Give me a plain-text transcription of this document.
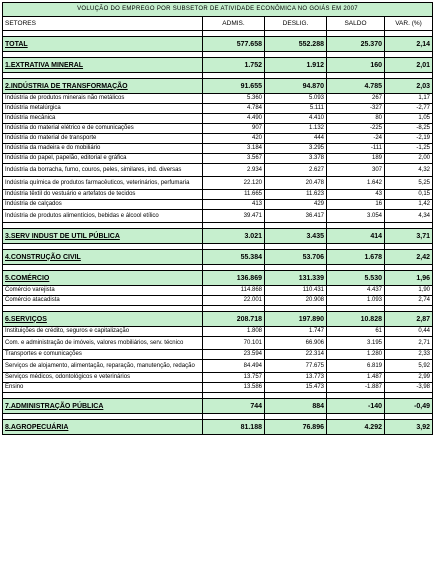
VOLUÇÃO DO EMPREGO POR SUBSETOR DE ATIVIDADE ECONÔMICA NO GOIÁS EM 2007				
SETORES	ADMIS.	DESLIG.	SALDO	VAR. (%)

TOTAL	577.658	552.288	25.370	2,14

1.EXTRATIVA MINERAL	1.752	1.912	160	2,01

2.INDÚSTRIA DE TRANSFORMAÇÃO	91.655	94.870	4.785	2,03
Indústria de produtos minerais não metálicos	5.360	5.093	267	1,17
Indústria metalúrgica	4.784	5.111	-327	-2,77
Indústria mecânica	4.490	4.410	80	1,05
Indústria do material elétrico e de comunicações	907	1.132	-225	-8,25
Indústria do material de transporte	420	444	-24	-2,19
Indústria da madeira e do mobiliário	3.184	3.295	-111	-1,25
Indústria do papel, papelão, editorial e gráfica	3.567	3.378	189	2,00
Indústria da borracha, fumo, couros, peles, similares, ind. diversas	2.934	2.627	307	4,32
Indústria química de produtos farmacêuticos, veterinários, perfumaria	22.120	20.478	1.642	5,25
Indústria têxtil do vestuário e artefatos de tecidos	11.665	11.623	43	0,15
Indústria de calçados	413	429	16	1,42
Indústria de produtos alimentícios, bebidas e álcool etílico	39.471	36.417	3.054	4,34

3.SERV INDUST DE UTIL PÚBLICA	3.021	3.435	414	3,71

4.CONSTRUÇÃO CIVIL	55.384	53.706	1.678	2,42

5.COMÉRCIO	136.869	131.339	5.530	1,96
Comércio varejista	114.868	110.431	4.437	1,90
Comércio atacadista	22.001	20.908	1.093	2,74

6.SERVIÇOS	208.718	197.890	10.828	2,87
Instituições de crédito, seguros e capitalização	1.808	1.747	61	0,44
Com. e administração de imóveis, valores mobiliários, serv. técnico	70.101	66.906	3.195	2,71
Transportes e comunicações	23.594	22.314	1.280	2,33
Serviços de alojamento, alimentação, reparação, manutenção, redação	84.494	77.675	6.819	5,92
Serviços médicos, odontológicos e veterinários	13.757	13.773	1.487	2,99
Ensino	13.586	15.473	-1.887	-3,98

7.ADMINISTRAÇÃO PÚBLICA	744	884	-140	-0,49

8.AGROPECUÁRIA	81.188	76.896	4.292	3,92
